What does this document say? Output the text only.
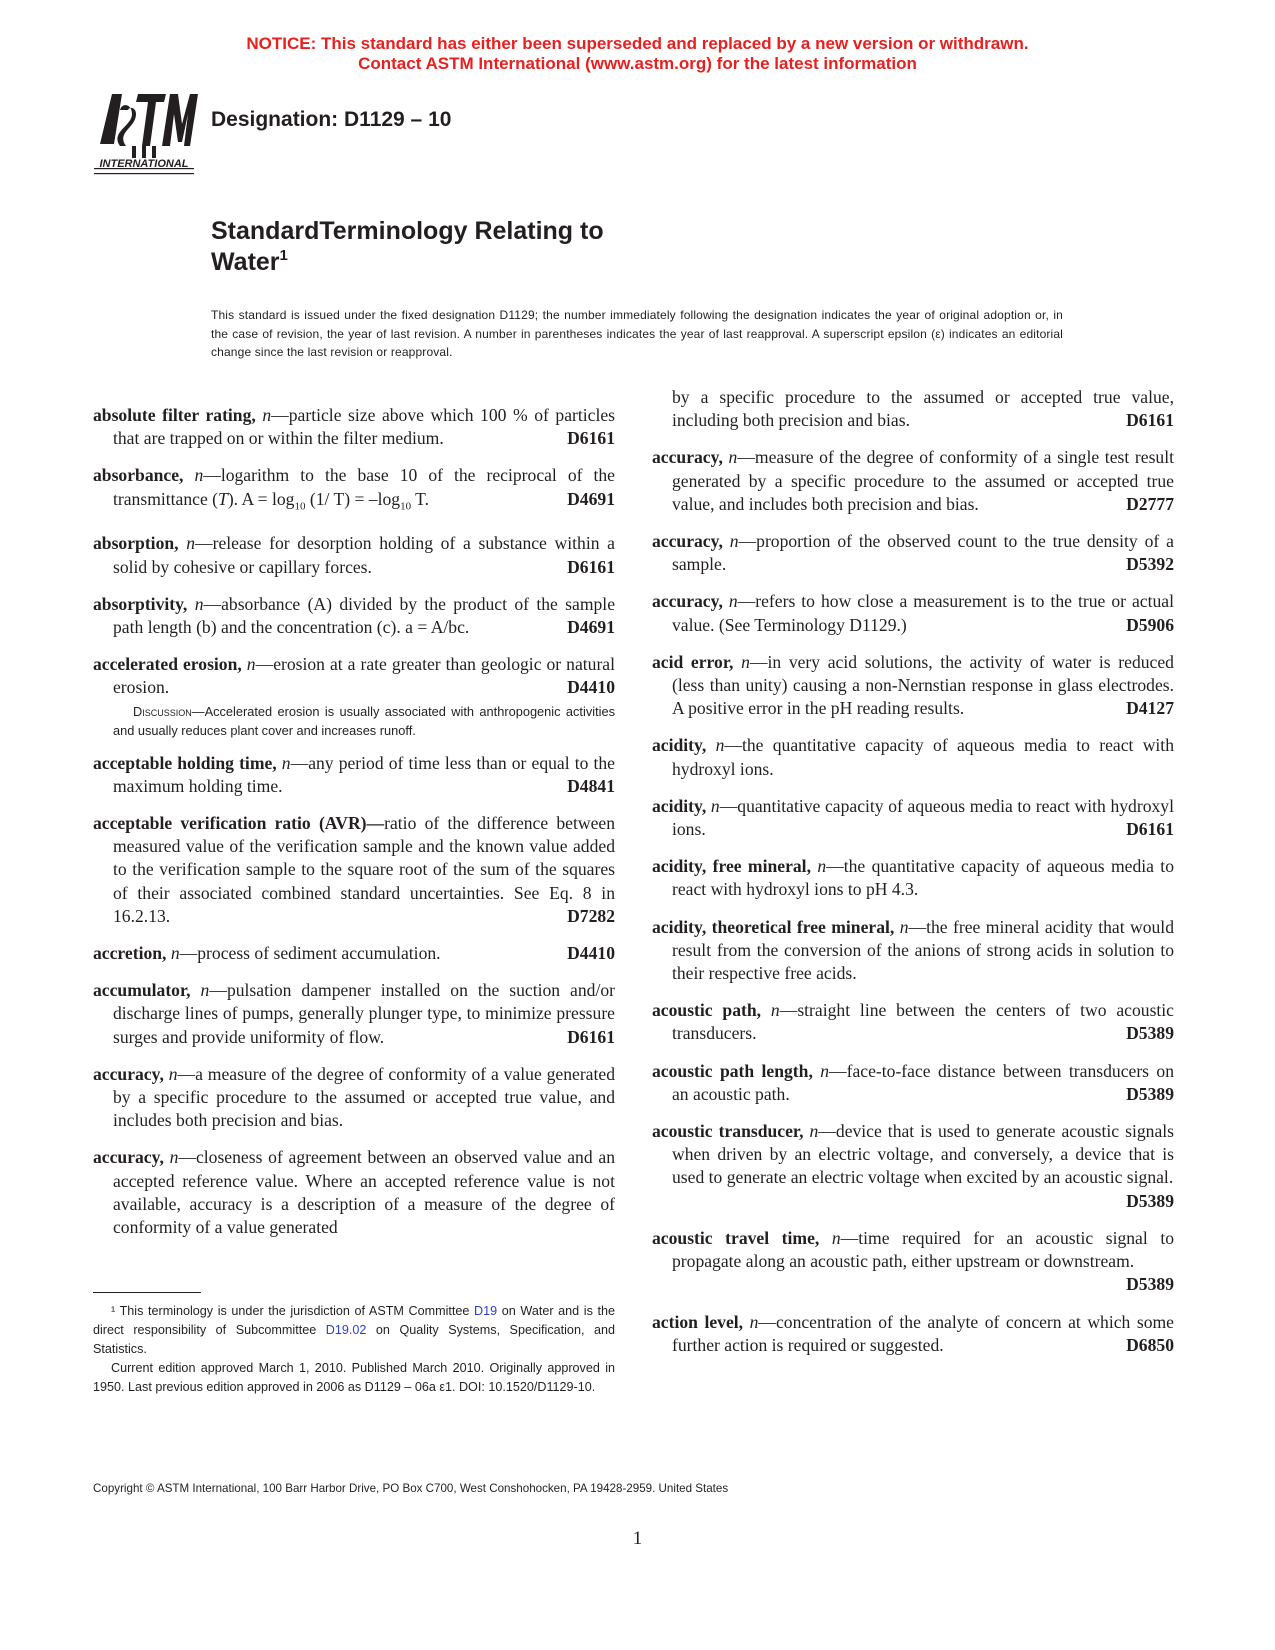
NOTICE: This standard has either been superseded and replaced by a new version or withdrawn.
Contact ASTM International (www.astm.org) for the latest information
INTERNATIONAL
Designation: D1129 – 10
StandardTerminology Relating to
Water$^1$
This standard is issued under the fixed designation D1129; the number immediately following the designation indicates the year of original adoption or, in the case of revision, the year of last revision. A number in parentheses indicates the year of last reapproval. A superscript epsilon (ε) indicates an editorial change since the last revision or reapproval.
absolute filter rating, n—particle size above which 100 % of particles that are trapped on or within the filter medium.	D6161
absorbance, n—logarithm to the base 10 of the reciprocal of the transmittance (T). $A = \log_{10} (1/$ $T) = -\log_{10}$ T.	D4691
absorption, n—release for desorption holding of a substance within a solid by cohesive or capillary forces.	D6161
absorptivity, n—absorbance (A) divided by the product of the sample path length (b) and the concentration (c). a = A/bc.	D4691
accelerated erosion, n—erosion at a rate greater than geologic or natural erosion.	D4410
Discussion—Accelerated erosion is usually associated with anthropogenic activities and usually reduces plant cover and increases runoff.
acceptable holding time, n—any period of time less than or equal to the maximum holding time.	D4841
acceptable verification ratio (AVR)—ratio of the difference between measured value of the verification sample and the known value added to the verification sample to the square root of the sum of the squares of their associated combined standard uncertainties. See Eq. 8 in 16.2.13.	D7282
accretion, n—process of sediment accumulation.	D4410
accumulator, n—pulsation dampener installed on the suction and/or discharge lines of pumps, generally plunger type, to minimize pressure surges and provide uniformity of flow.	D6161
accuracy, n—a measure of the degree of conformity of a value generated by a specific procedure to the assumed or accepted true value, and includes both precision and bias.
accuracy, n—closeness of agreement between an observed value and an accepted reference value. Where an accepted reference value is not available, accuracy is a description of a measure of the degree of conformity of a value generated
by a specific procedure to the assumed or accepted true value, including both precision and bias.	D6161
accuracy, n—measure of the degree of conformity of a single test result generated by a specific procedure to the assumed or accepted true value, and includes both precision and bias.	D2777
accuracy, n—proportion of the observed count to the true density of a sample.	D5392
accuracy, n—refers to how close a measurement is to the true or actual value. (See Terminology D1129.)	D5906
acid error, n—in very acid solutions, the activity of water is reduced (less than unity) causing a non-Nernstian response in glass electrodes. A positive error in the pH reading results.	D4127
acidity, n—the quantitative capacity of aqueous media to react with hydroxyl ions.
acidity, n—quantitative capacity of aqueous media to react with hydroxyl ions.	D6161
acidity, free mineral, n—the quantitative capacity of aqueous media to react with hydroxyl ions to pH 4.3.
acidity, theoretical free mineral, n—the free mineral acidity that would result from the conversion of the anions of strong acids in solution to their respective free acids.
acoustic path, n—straight line between the centers of two acoustic transducers.	D5389
acoustic path length, n—face-to-face distance between transducers on an acoustic path.	D5389
acoustic transducer, n—device that is used to generate acoustic signals when driven by an electric voltage, and conversely, a device that is used to generate an electric voltage when excited by an acoustic signal.
D5389
acoustic travel time, n—time required for an acoustic signal to propagate along an acoustic path, either upstream or downstream.
D5389
action level, n—concentration of the analyte of concern at which some further action is required or suggested.	D6850

¹ This terminology is under the jurisdiction of ASTM Committee D19 on Water and is the direct responsibility of Subcommittee D19.02 on Quality Systems, Specification, and Statistics.

Current edition approved March 1, 2010. Published March 2010. Originally approved in 1950. Last previous edition approved in 2006 as D1129 – 06a ε1. DOI: 10.1520/D1129-10.

Copyright © ASTM International, 100 Barr Harbor Drive, PO Box C700, West Conshohocken, PA 19428-2959. United States
1
